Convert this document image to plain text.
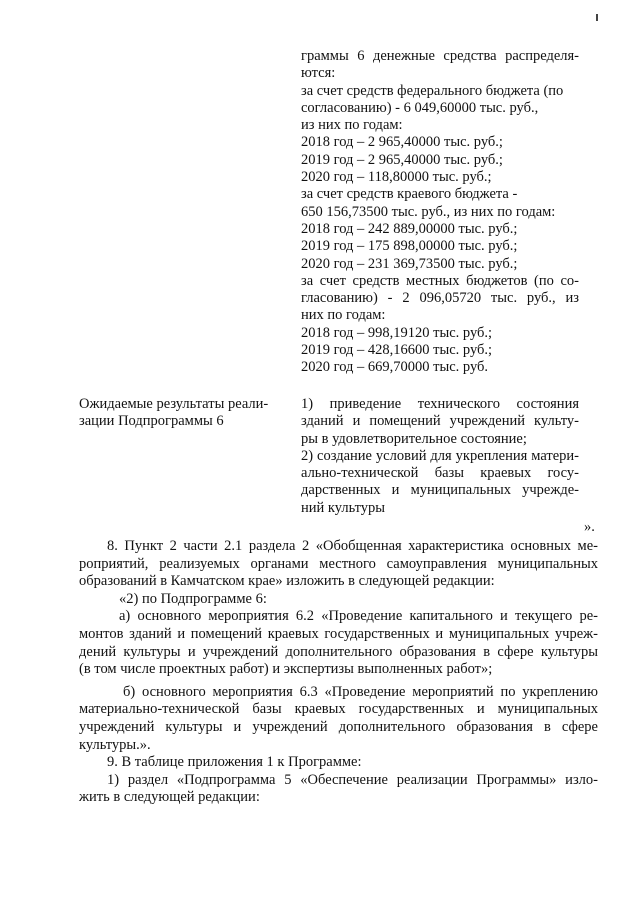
граммы 6 денежные средства распределя-
ются:
за счет средств федерального бюджета (по
согласованию) - 6 049,60000 тыс. руб.,
из них по годам:
2018 год – 2 965,40000 тыс. руб.;
2019 год – 2 965,40000 тыс. руб.;
2020 год – 118,80000 тыс. руб.;
за счет средств краевого бюджета -
650 156,73500 тыс. руб., из них по годам:
2018 год – 242 889,00000 тыс. руб.;
2019 год – 175 898,00000 тыс. руб.;
2020 год – 231 369,73500 тыс. руб.;
за счет средств местных бюджетов (по со-
гласованию) - 2 096,05720 тыс. руб., из
них по годам:
2018 год – 998,19120 тыс. руб.;
2019 год – 428,16600 тыс. руб.;
2020 год – 669,70000 тыс. руб.
Ожидаемые результаты реали-
зации Подпрограммы 6
1) приведение технического состояния
зданий и помещений учреждений культу-
ры в удовлетворительное состояние;
2) создание условий для укрепления матери-
ально-технической базы краевых госу-
дарственных и муниципальных учрежде-
ний культуры
».
8. Пункт 2 части 2.1 раздела 2 «Обобщенная характеристика основных ме-
роприятий, реализуемых органами местного самоуправления муниципальных
образований в Камчатском крае» изложить в следующей редакции:
«2) по Подпрограмме 6:
а) основного мероприятия 6.2 «Проведение капитального и текущего ре-
монтов зданий и помещений краевых государственных и муниципальных учреж-
дений культуры и учреждений дополнительного образования в сфере культуры
(в том числе проектных работ) и экспертизы выполненных работ»;
б) основного мероприятия 6.3 «Проведение мероприятий по укреплению
материально-технической базы краевых государственных и муниципальных
учреждений культуры и учреждений дополнительного образования в сфере
культуры.».
9. В таблице приложения 1 к Программе:
1) раздел «Подпрограмма 5 «Обеспечение реализации Программы» изло-
жить в следующей редакции:
